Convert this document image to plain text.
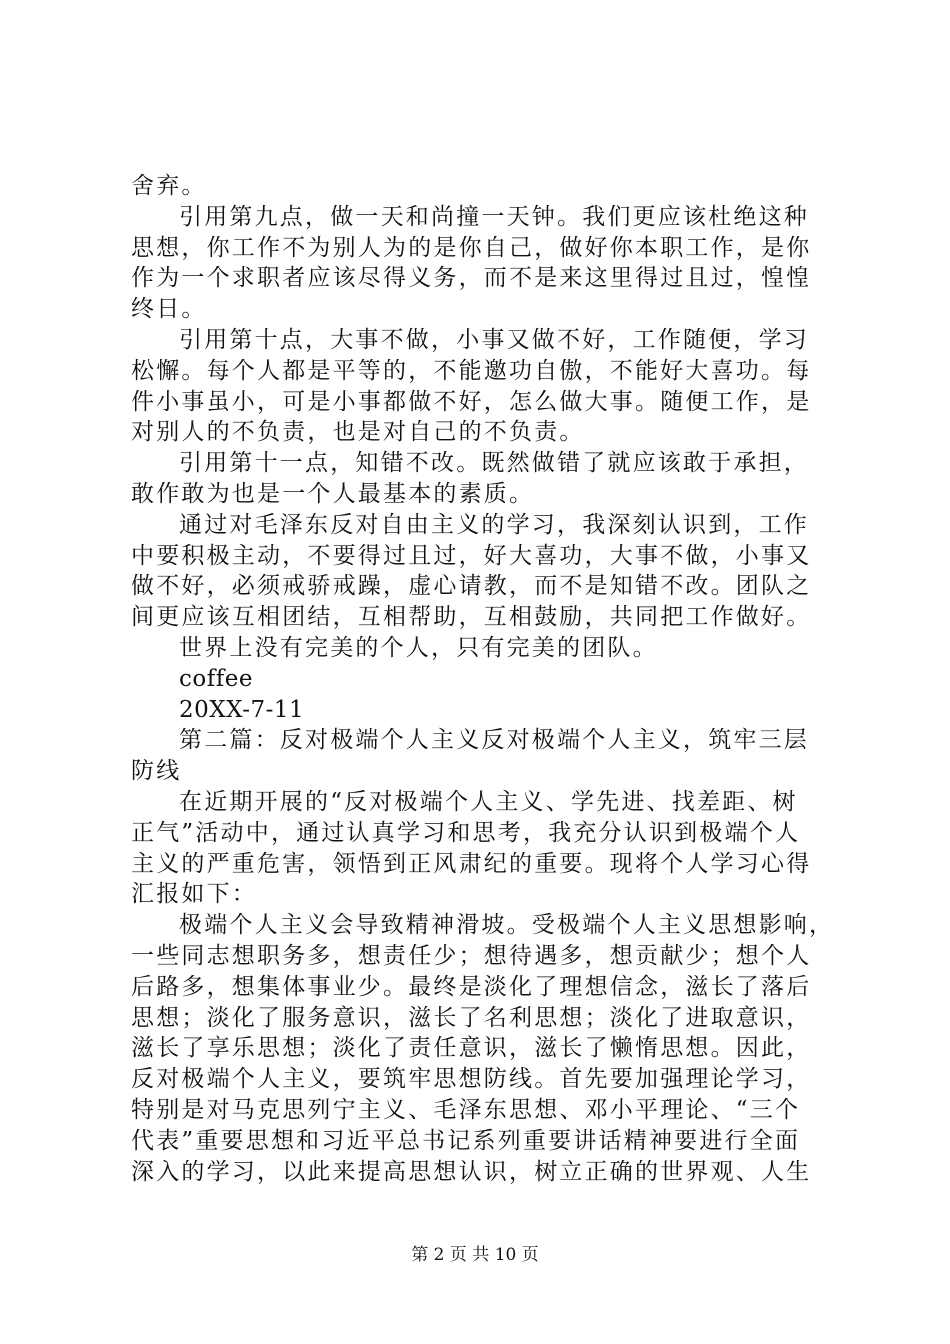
舍弃。
引用第九点，做一天和尚撞一天钟。我们更应该杜绝这种
思想，你工作不为别人为的是你自己，做好你本职工作，是你
作为一个求职者应该尽得义务，而不是来这里得过且过，惶惶
终日。
引用第十点，大事不做，小事又做不好，工作随便，学习
松懈。每个人都是平等的，不能邀功自傲，不能好大喜功。每
件小事虽小，可是小事都做不好，怎么做大事。随便工作，是
对别人的不负责，也是对自己的不负责。
引用第十一点，知错不改。既然做错了就应该敢于承担，
敢作敢为也是一个人最基本的素质。
通过对毛泽东反对自由主义的学习，我深刻认识到，工作
中要积极主动，不要得过且过，好大喜功，大事不做，小事又
做不好，必须戒骄戒躁，虚心请教，而不是知错不改。团队之
间更应该互相团结，互相帮助，互相鼓励，共同把工作做好。
世界上没有完美的个人，只有完美的团队。
coffee
20XX-7-11
第二篇：反对极端个人主义反对极端个人主义，筑牢三层
防线
在近期开展的“反对极端个人主义、学先进、找差距、树
正气”活动中，通过认真学习和思考，我充分认识到极端个人
主义的严重危害，领悟到正风肃纪的重要。现将个人学习心得
汇报如下：
极端个人主义会导致精神滑坡。受极端个人主义思想影响，
一些同志想职务多，想责任少；想待遇多，想贡献少；想个人
后路多，想集体事业少。最终是淡化了理想信念，滋长了落后
思想；淡化了服务意识，滋长了名利思想；淡化了进取意识，
滋长了享乐思想；淡化了责任意识，滋长了懒惰思想。因此，
反对极端个人主义，要筑牢思想防线。首先要加强理论学习，
特别是对马克思列宁主义、毛泽东思想、邓小平理论、“三个
代表”重要思想和习近平总书记系列重要讲话精神要进行全面
深入的学习，以此来提高思想认识，树立正确的世界观、人生
第 2 页 共 10 页
